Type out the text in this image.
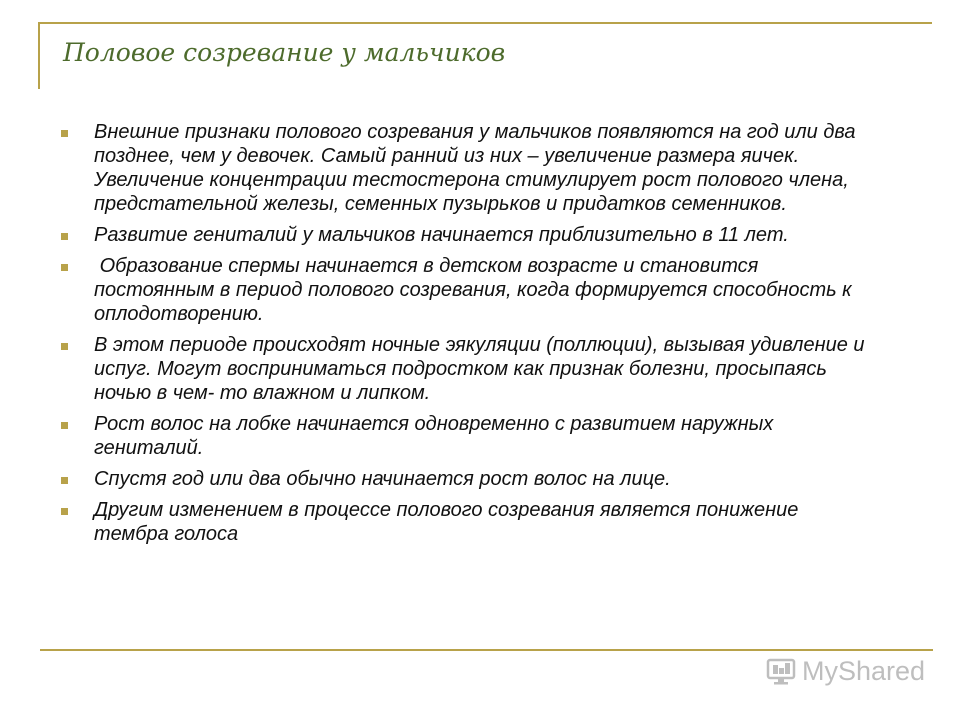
Половое созревание у мальчиков
Внешние признаки полового созревания у мальчиков появляются на год или два позднее, чем у девочек. Самый ранний из них – увеличение размера яичек. Увеличение концентрации тестостерона стимулирует рост полового члена, предстательной железы, семенных пузырьков и придатков семенников.
Развитие гениталий у мальчиков начинается приблизительно в 11 лет.
Образование спермы начинается в детском возрасте и становится постоянным в период полового созревания, когда формируется способность к оплодотворению.
В этом периоде происходят ночные эякуляции (поллюции), вызывая удивление и испуг. Могут восприниматься подростком как признак болезни, просыпаясь ночью в чем- то влажном и липком.
Рост волос на лобке начинается одновременно с развитием наружных гениталий.
Спустя год или два обычно начинается рост волос на лице.
Другим изменением в процессе полового созревания является понижение тембра голоса
MyShared
